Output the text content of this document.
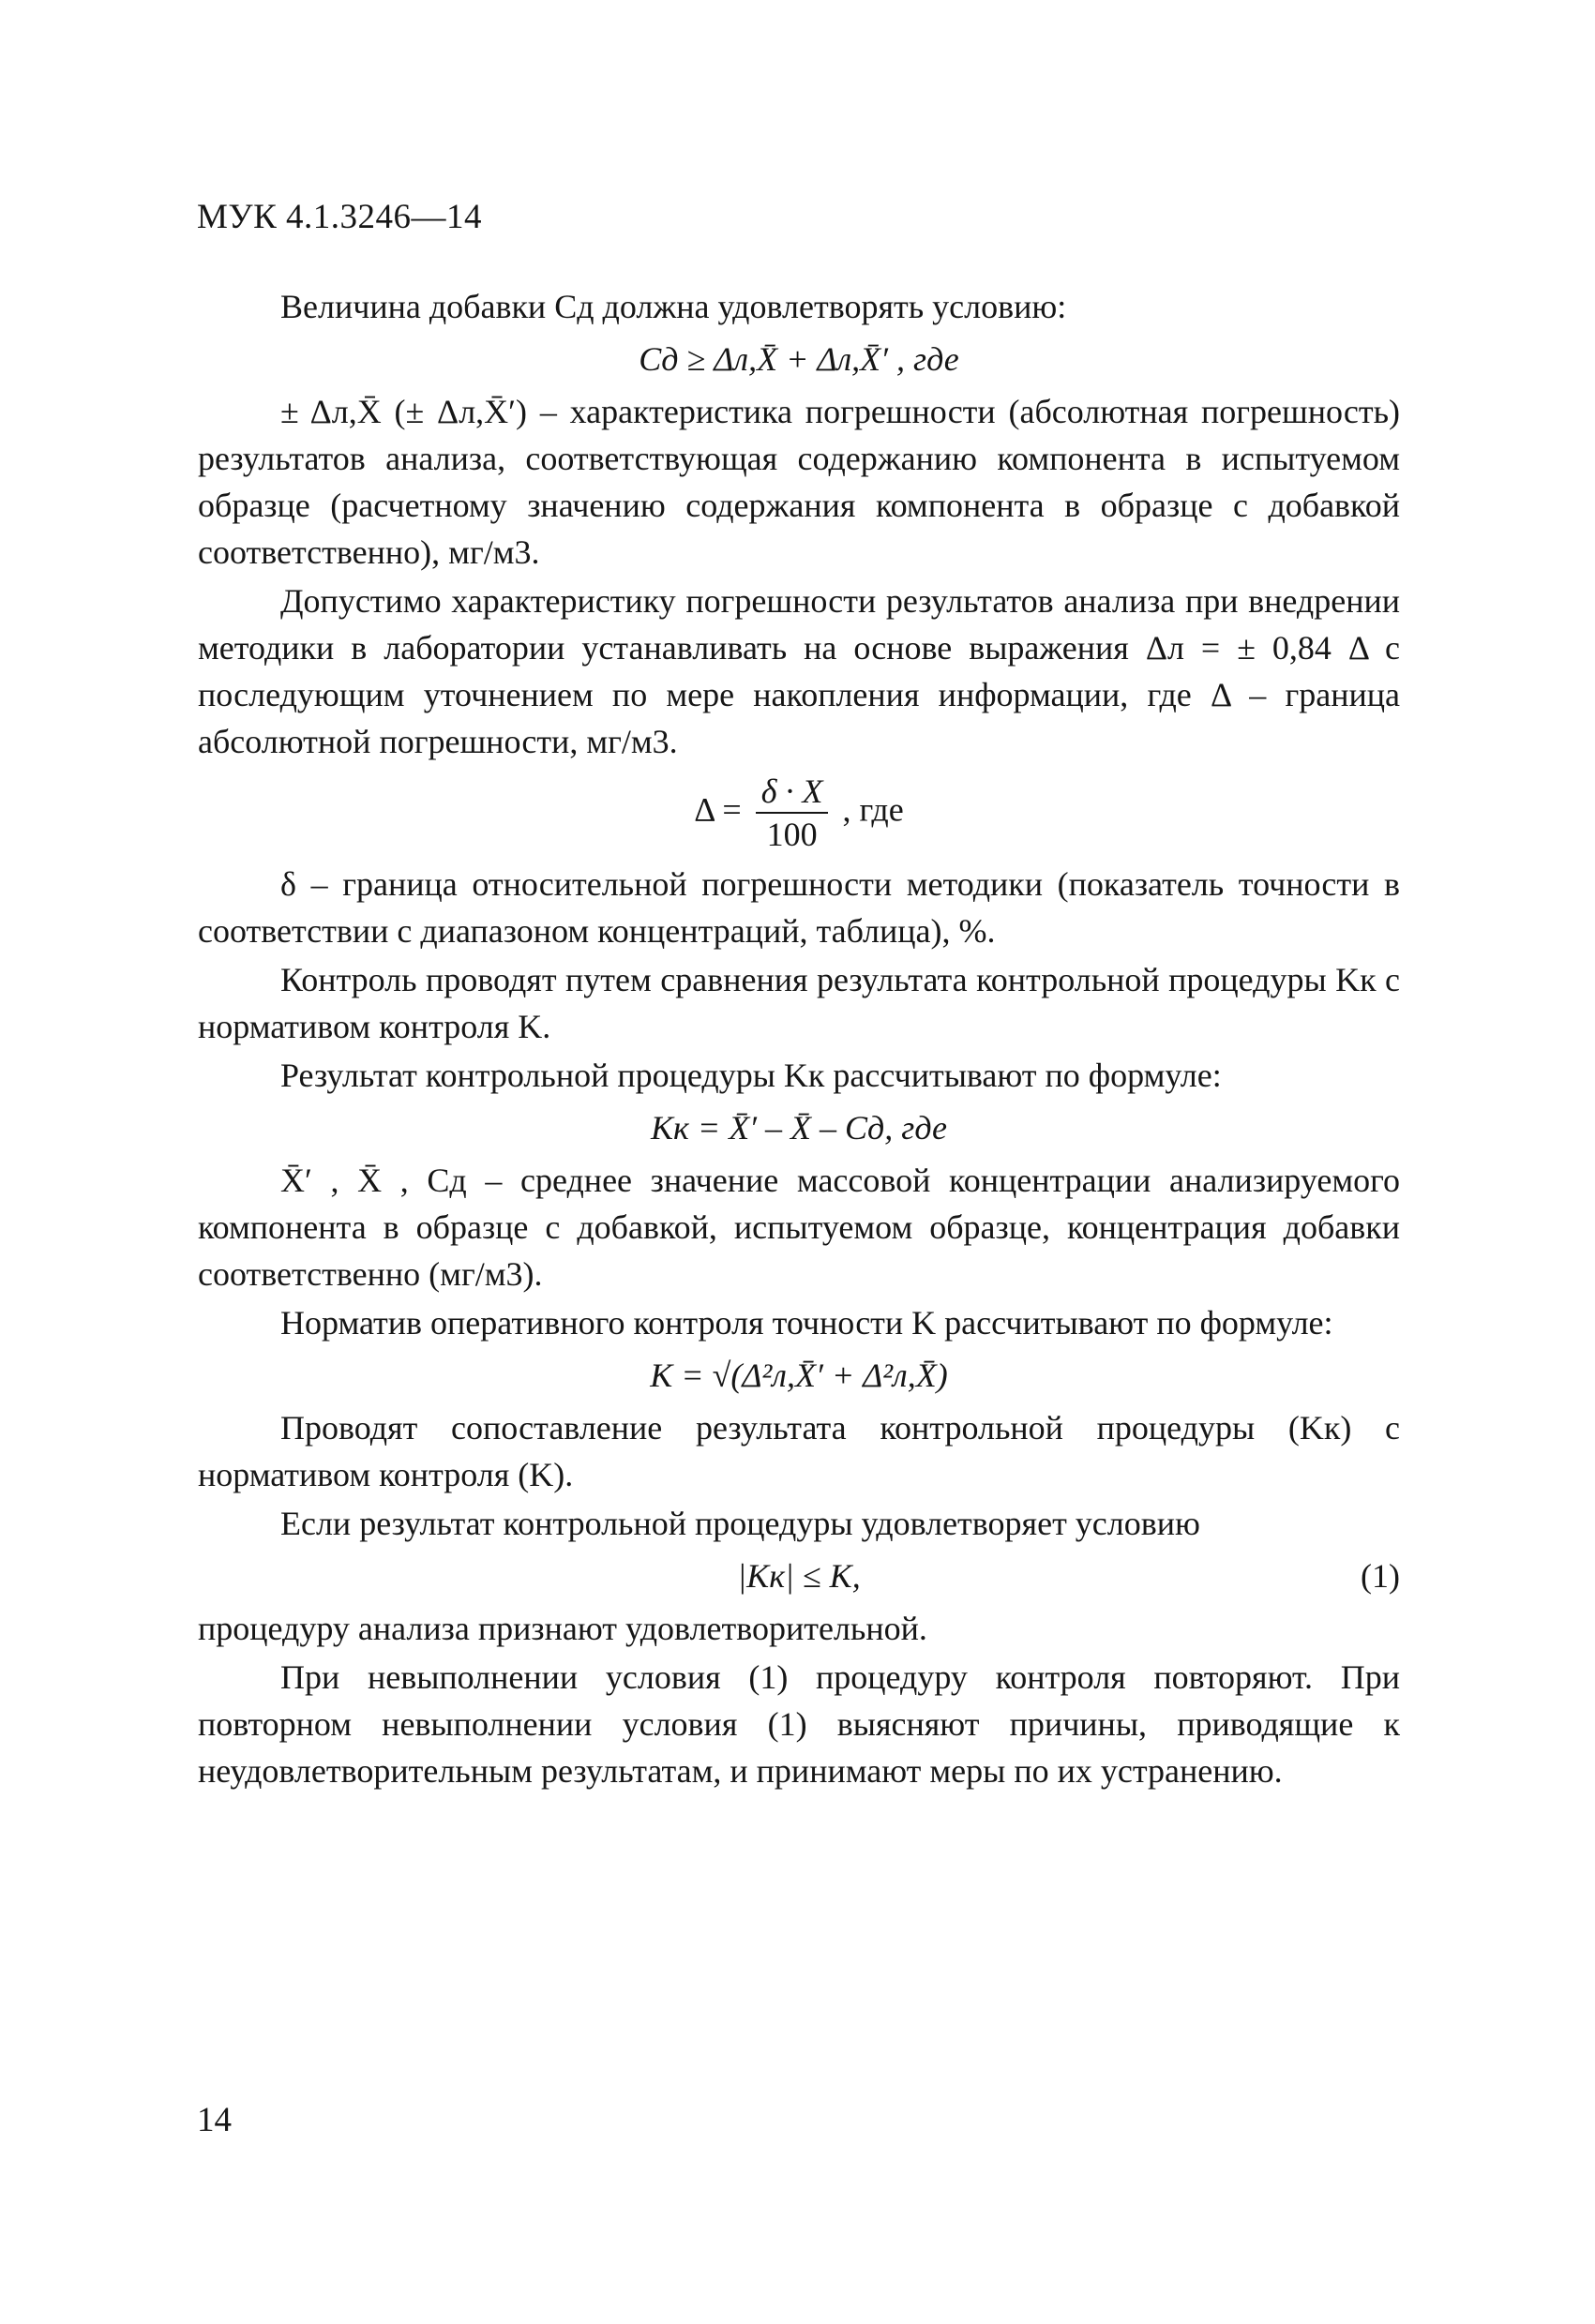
МУК 4.1.3246—14

Величина добавки Cд должна удовлетворять условию:

Cд ≥ Δл,X̄ + Δл,X̄′ , где

± Δл,X̄ (± Δл,X̄′) – характеристика погрешности (абсолютная погрешность) результатов анализа, соответствующая содержанию компонента в испытуемом образце (расчетному значению содержания компонента в образце с добавкой соответственно), мг/м3.

Допустимо характеристику погрешности результатов анализа при внедрении методики в лаборатории устанавливать на основе выражения Δл = ± 0,84 Δ с последующим уточнением по мере накопления информации, где Δ – граница абсолютной погрешности, мг/м3.

$\Delta = \frac{\delta \cdot X}{100}$ , где

δ – граница относительной погрешности методики (показатель точности в соответствии с диапазоном концентраций, таблица), %.

Контроль проводят путем сравнения результата контрольной процедуры Kк с нормативом контроля K.

Результат контрольной процедуры Kк рассчитывают по формуле:

Kк = X̄′ – X̄ – Cд, где

X̄′ , X̄ , Cд – среднее значение массовой концентрации анализируемого компонента в образце с добавкой, испытуемом образце, концентрация добавки соответственно (мг/м3).

Норматив оперативного контроля точности K рассчитывают по формуле:

K = √(Δ²л,X̄′ + Δ²л,X̄)

Проводят сопоставление результата контрольной процедуры (Kк) с нормативом контроля (K).

Если результат контрольной процедуры удовлетворяет условию

|Kк| ≤ K,	(1)

процедуру анализа признают удовлетворительной.

При невыполнении условия (1) процедуру контроля повторяют. При повторном невыполнении условия (1) выясняют причины, приводящие к неудовлетворительным результатам, и принимают меры по их устранению.

14
